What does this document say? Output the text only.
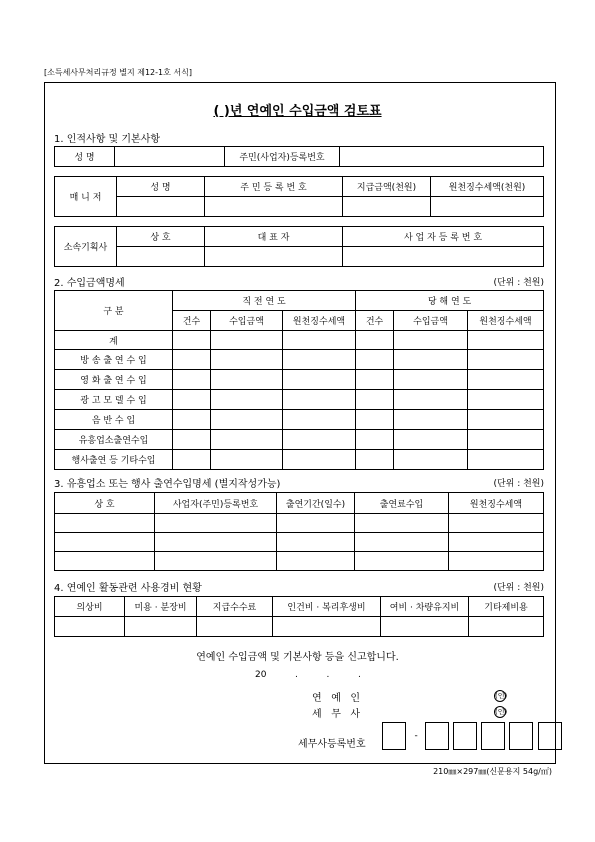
[소득세사무처리규정 별지 제12-1호 서식]
( )년 연예인 수입금액 검토표
1. 인적사항 및 기본사항
성 명		주민(사업자)등록번호	
매 니 저	성 명	주 민 등 록 번 호	지급금액(천원)	원천징수세액(천원)

소속기획사	상 호	대 표 자	사 업 자 등 록 번 호

2. 수입금액명세	(단위 : 천원)
구 분	직 전 연 도			당 해 연 도		
	건수	수입금액	원천징수세액	건수	수입금액	원천징수세액
계						
방 송 출 연 수 입						
영 화 출 연 수 입						
광 고 모 델 수 입						
음 반 수 입						
유흥업소출연수입						
행사출연 등 기타수입						
3. 유흥업소 또는 행사 출연수입명세 (별지작성가능)	(단위 : 천원)
상 호	사업자(주민)등록번호	출연기간(일수)	출연료수입	원천징수세액

4. 연예인 활동관련 사용경비 현황	(단위 : 천원)
의상비	미용 · 분장비	지급수수료	인건비 · 복리후생비	여비 · 차량유지비	기타제비용

연예인 수입금액 및 기본사항 등을 신고합니다.
20          .          .          .
연   예   인	(인)
세   무   사	(인)
세무사등록번호
-
210㎜×297㎜(신문용지 54g/㎡)
